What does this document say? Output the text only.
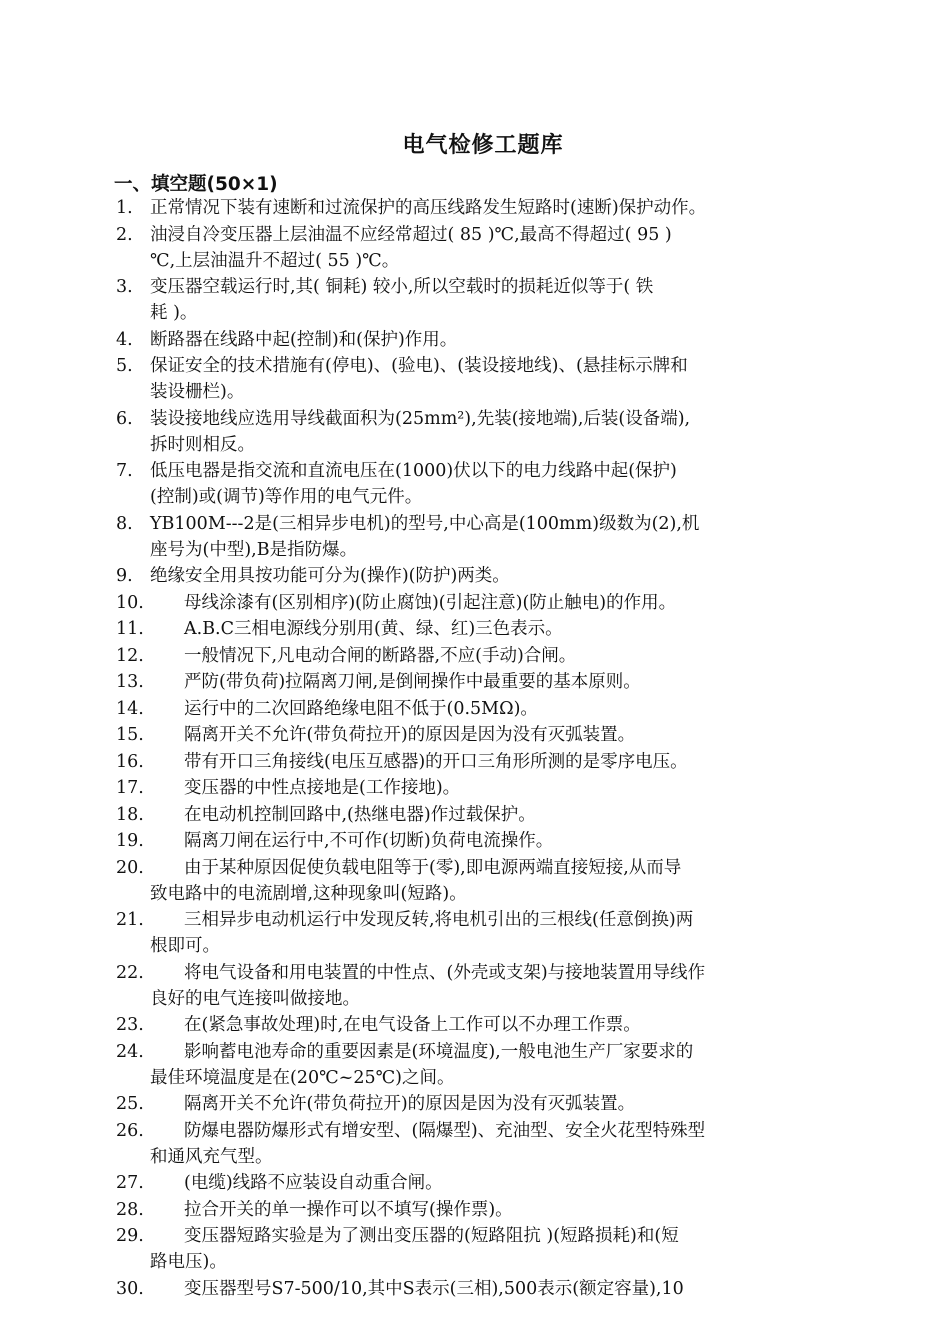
电气检修工题库
一、填空题(50×1)
1. 正常情况下装有速断和过流保护的高压线路发生短路时(速断)保护动作。
2. 油浸自冷变压器上层油温不应经常超过( 85 )℃,最高不得超过( 95 )
℃,上层油温升不超过( 55 )℃。
3. 变压器空载运行时,其( 铜耗) 较小,所以空载时的损耗近似等于( 铁
耗 )。
4. 断路器在线路中起(控制)和(保护)作用。
5. 保证安全的技术措施有(停电)、(验电)、(装设接地线)、(悬挂标示牌和
装设栅栏)。
6. 装设接地线应选用导线截面积为(25mm²),先装(接地端),后装(设备端),
拆时则相反。
7. 低压电器是指交流和直流电压在(1000)伏以下的电力线路中起(保护)
(控制)或(调节)等作用的电气元件。
8. YB100M---2是(三相异步电机)的型号,中心高是(100mm)级数为(2),机
座号为(中型),B是指防爆。
9. 绝缘安全用具按功能可分为(操作)(防护)两类。
10. 母线涂漆有(区别相序)(防止腐蚀)(引起注意)(防止触电)的作用。
11. A.B.C三相电源线分别用(黄、绿、红)三色表示。
12. 一般情况下,凡电动合闸的断路器,不应(手动)合闸。
13. 严防(带负荷)拉隔离刀闸,是倒闸操作中最重要的基本原则。
14. 运行中的二次回路绝缘电阻不低于(0.5MΩ)。
15. 隔离开关不允许(带负荷拉开)的原因是因为没有灭弧装置。
16. 带有开口三角接线(电压互感器)的开口三角形所测的是零序电压。
17. 变压器的中性点接地是(工作接地)。
18. 在电动机控制回路中,(热继电器)作过载保护。
19. 隔离刀闸在运行中,不可作(切断)负荷电流操作。
20. 由于某种原因促使负载电阻等于(零),即电源两端直接短接,从而导
致电路中的电流剧增,这种现象叫(短路)。
21. 三相异步电动机运行中发现反转,将电机引出的三根线(任意倒换)两
根即可。
22. 将电气设备和用电装置的中性点、(外壳或支架)与接地装置用导线作
良好的电气连接叫做接地。
23. 在(紧急事故处理)时,在电气设备上工作可以不办理工作票。
24. 影响蓄电池寿命的重要因素是(环境温度),一般电池生产厂家要求的
最佳环境温度是在(20℃~25℃)之间。
25. 隔离开关不允许(带负荷拉开)的原因是因为没有灭弧装置。
26. 防爆电器防爆形式有增安型、(隔爆型)、充油型、安全火花型特殊型
和通风充气型。
27. (电缆)线路不应装设自动重合闸。
28. 拉合开关的单一操作可以不填写(操作票)。
29. 变压器短路实验是为了测出变压器的(短路阻抗 )(短路损耗)和(短
路电压)。
30. 变压器型号S7-500/10,其中S表示(三相),500表示(额定容量),10
